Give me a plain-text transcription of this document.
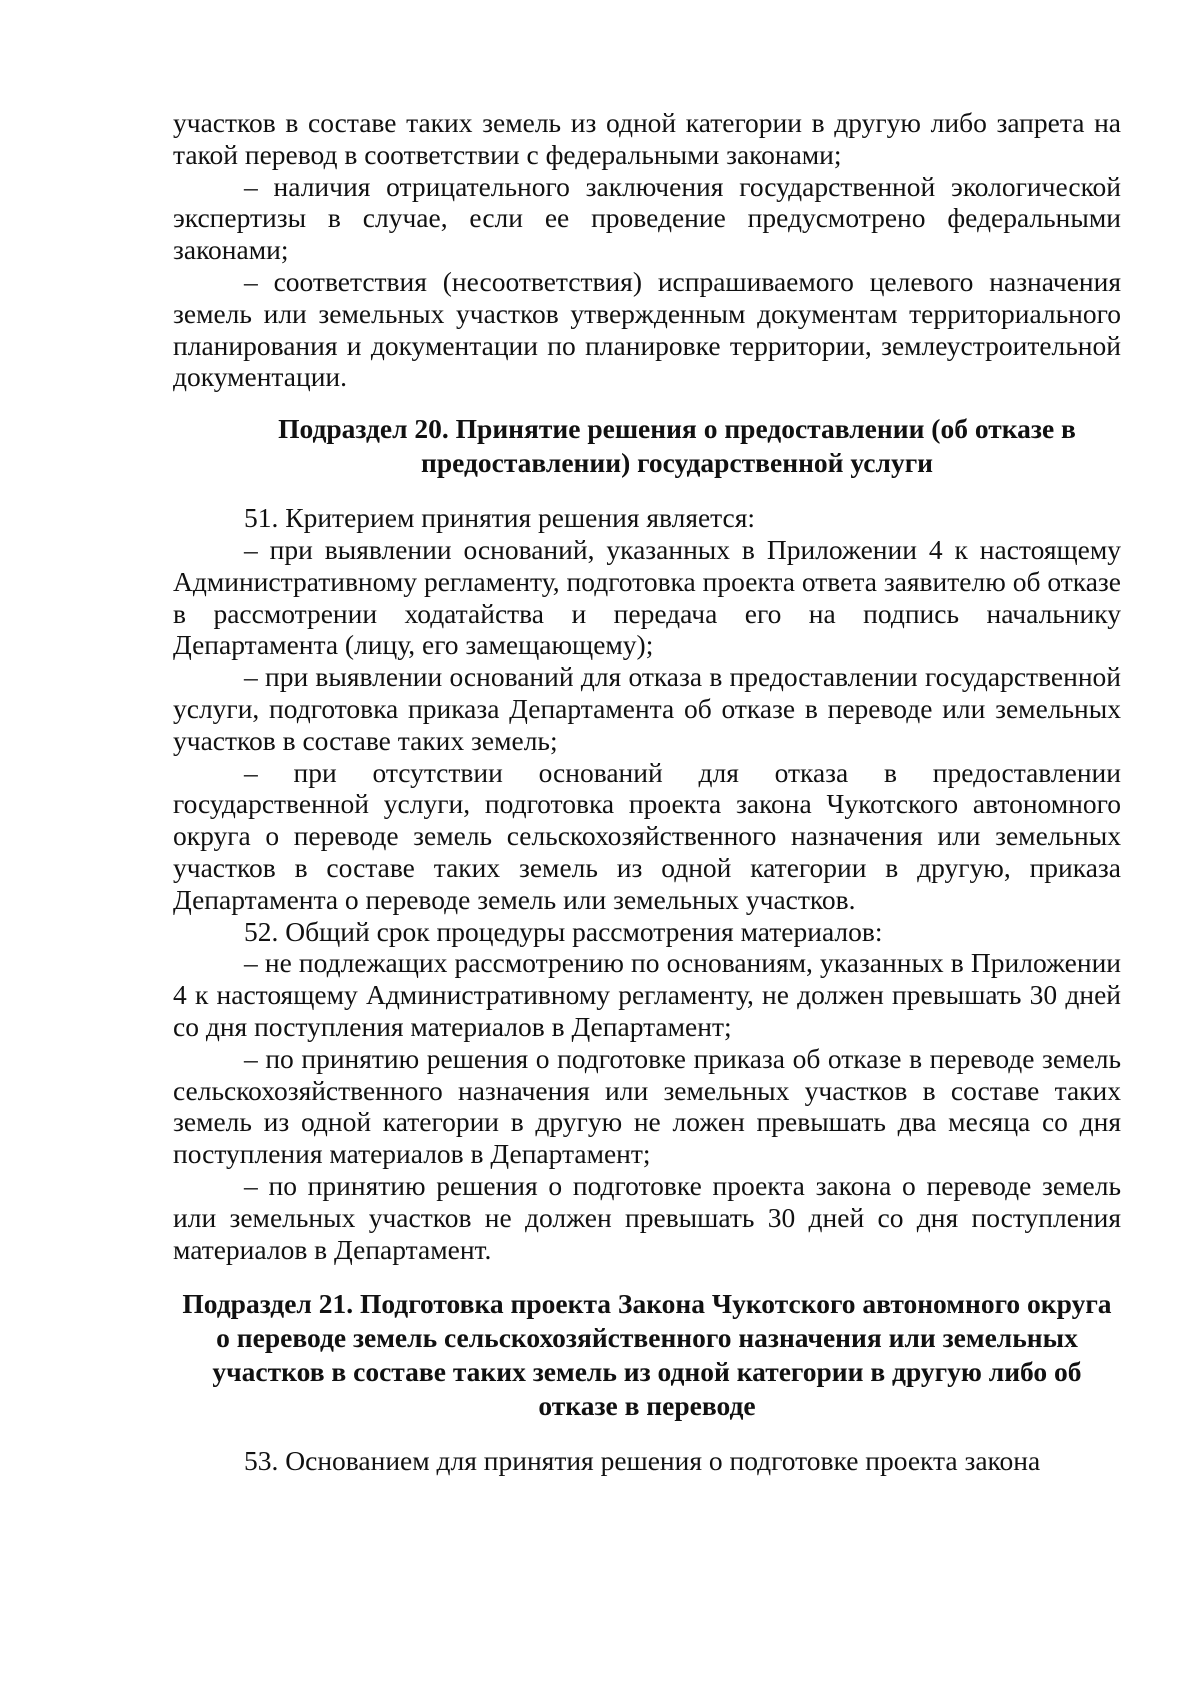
участков в составе таких земель из одной категории в другую либо запрета на такой перевод в соответствии с федеральными законами;

– наличия отрицательного заключения государственной экологической экспертизы в случае, если ее проведение предусмотрено федеральными законами;

– соответствия (несоответствия) испрашиваемого целевого назначения земель или земельных участков утвержденным документам территориального планирования и документации по планировке территории, землеустроительной документации.

Подраздел 20. Принятие решения о предоставлении (об отказе в предоставлении) государственной услуги

51. Критерием принятия решения является:

– при выявлении оснований, указанных в Приложении 4 к настоящему Административному регламенту, подготовка проекта ответа заявителю об отказе в рассмотрении ходатайства и передача его на подпись начальнику Департамента (лицу, его замещающему);

– при выявлении оснований для отказа в предоставлении государственной услуги, подготовка приказа Департамента об отказе в переводе или земельных участков в составе таких земель;

– при отсутствии оснований для отказа в предоставлении государственной услуги, подготовка проекта закона Чукотского автономного округа о переводе земель сельскохозяйственного назначения или земельных участков в составе таких земель из одной категории в другую, приказа Департамента о переводе земель или земельных участков.

52. Общий срок процедуры рассмотрения материалов:

– не подлежащих рассмотрению по основаниям, указанных в Приложении 4 к настоящему Административному регламенту, не должен превышать 30 дней со дня поступления материалов в Департамент;

– по принятию решения о подготовке приказа об отказе в переводе земель сельскохозяйственного назначения или земельных участков в составе таких земель из одной категории в другую не ложен превышать два месяца со дня поступления материалов в Департамент;

– по принятию решения о подготовке проекта закона о переводе земель или земельных участков не должен превышать 30 дней со дня поступления материалов в Департамент.

Подраздел 21. Подготовка проекта Закона Чукотского автономного округа о переводе земель сельскохозяйственного назначения или земельных участков в составе таких земель из одной категории в другую либо об отказе в переводе

53. Основанием для принятия решения о подготовке проекта закона
